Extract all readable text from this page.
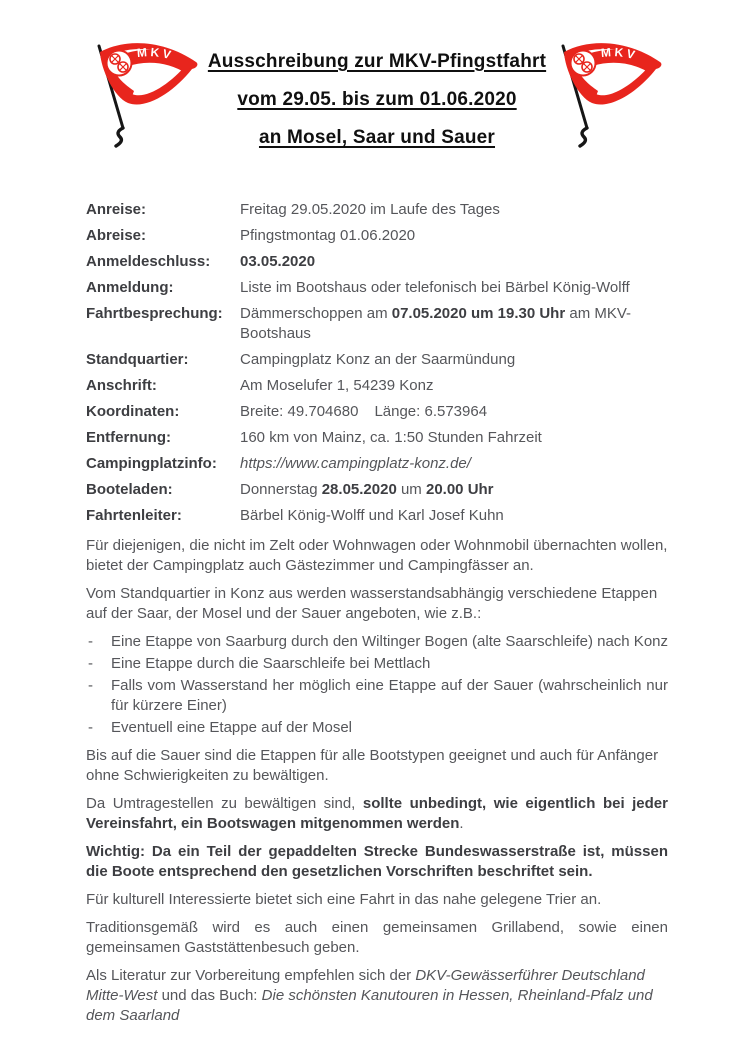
MKV Ausschreibung zur MKV-Pfingstfahrt
vom 29.05. bis zum 01.06.2020
an Mosel, Saar und Sauer
MKV
Anreise:	Freitag 29.05.2020 im Laufe des Tages
Abreise:	Pfingstmontag 01.06.2020
Anmeldeschluss:	03.05.2020
Anmeldung:	Liste im Bootshaus oder telefonisch bei Bärbel König-Wolff
Fahrtbesprechung:	Dämmerschoppen am 07.05.2020 um 19.30 Uhr am MKV-Bootshaus
Standquartier:	Campingplatz Konz an der Saarmündung
Anschrift:	Am Moselufer 1, 54239 Konz
Koordinaten:	Breite: 49.704680 Länge: 6.573964
Entfernung:	160 km von Mainz, ca. 1:50 Stunden Fahrzeit
Campingplatzinfo:	https://www.campingplatz-konz.de/
Booteladen:	Donnerstag 28.05.2020 um 20.00 Uhr
Fahrtenleiter:	Bärbel König-Wolff und Karl Josef Kuhn
Für diejenigen, die nicht im Zelt oder Wohnwagen oder Wohnmobil übernachten wollen, bietet der Campingplatz auch Gästezimmer und Campingfässer an.
Vom Standquartier in Konz aus werden wasserstandsabhängig verschiedene Etappen auf der Saar, der Mosel und der Sauer angeboten, wie z.B.:
-	Eine Etappe von Saarburg durch den Wiltinger Bogen (alte Saarschleife) nach Konz
-	Eine Etappe durch die Saarschleife bei Mettlach
-	Falls vom Wasserstand her möglich eine Etappe auf der Sauer (wahrscheinlich nur für kürzere Einer)
-	Eventuell eine Etappe auf der Mosel
Bis auf die Sauer sind die Etappen für alle Bootstypen geeignet und auch für Anfänger ohne Schwierigkeiten zu bewältigen.
Da Umtragestellen zu bewältigen sind, sollte unbedingt, wie eigentlich bei jeder Vereinsfahrt, ein Bootswagen mitgenommen werden.
Wichtig: Da ein Teil der gepaddelten Strecke Bundeswasserstraße ist, müssen die Boote entsprechend den gesetzlichen Vorschriften beschriftet sein.
Für kulturell Interessierte bietet sich eine Fahrt in das nahe gelegene Trier an.
Traditionsgemäß wird es auch einen gemeinsamen Grillabend, sowie einen gemeinsamen Gaststättenbesuch geben.
Als Literatur zur Vorbereitung empfehlen sich der DKV-Gewässerführer Deutschland Mitte-West und das Buch: Die schönsten Kanutouren in Hessen, Rheinland-Pfalz und dem Saarland
